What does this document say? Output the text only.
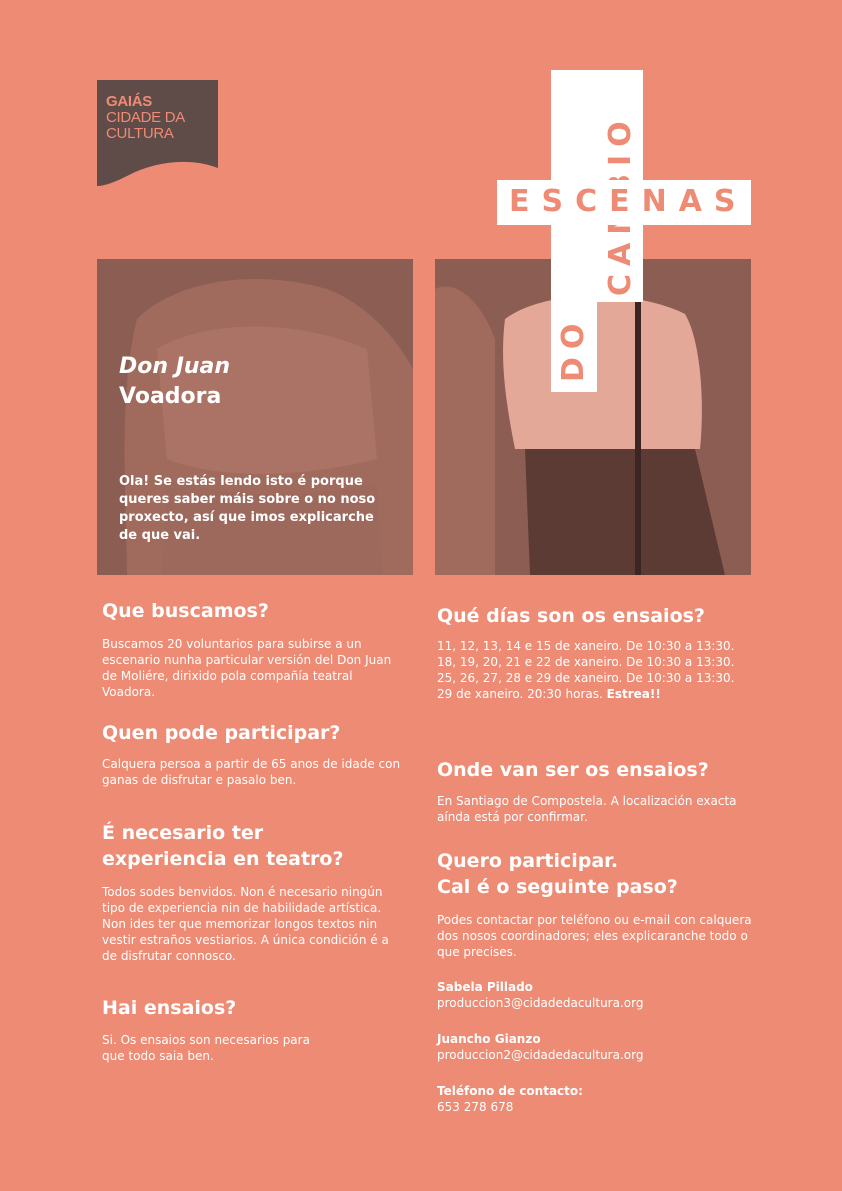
GAIÁS
CIDADE DA
CULTURA
Don Juan
Voadora
Ola! Se estás lendo isto é porque queres saber máis sobre o no noso proxecto, así que imos explicarche de que vai.
DO
ESCENAS
Que buscamos?
Buscamos 20 voluntarios para subirse a un escenario nunha particular versión del Don Juan de Moliére, dirixido pola compañía teatral Voadora.
Quen pode participar?
Calquera persoa a partir de 65 anos de idade con ganas de disfrutar e pasalo ben.
É necesario ter
experiencia en teatro?
Todos sodes benvidos. Non é necesario ningún tipo de experiencia nin de habilidade artística. Non ides ter que memorizar longos textos nin vestir estraños vestiarios. A única condición é a de disfrutar connosco.
Hai ensaios?
Si. Os ensaios son necesarios para que todo saia ben.
Qué días son os ensaios?
11, 12, 13, 14 e 15 de xaneiro. De 10:30 a 13:30.
18, 19, 20, 21 e 22 de xaneiro. De 10:30 a 13:30.
25, 26, 27, 28 e 29 de xaneiro. De 10:30 a 13:30.
29 de xaneiro. 20:30 horas. Estrea!!
Onde van ser os ensaios?
En Santiago de Compostela. A localización exacta aínda está por confirmar.
Quero participar.
Cal é o seguinte paso?
Podes contactar por teléfono ou e-mail con calquera dos nosos coordinadores; eles explicaranche todo o que precises.
Sabela Pillado
produccion3@cidadedacultura.org
Juancho Gianzo
produccion2@cidadedacultura.org
Teléfono de contacto:
653 278 678
